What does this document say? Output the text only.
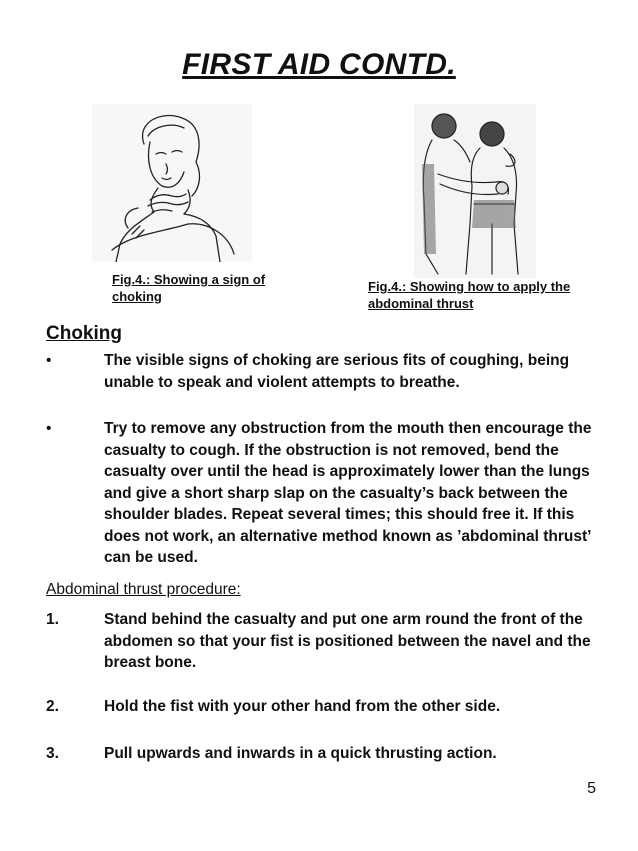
FIRST AID CONTD.
Fig.4.: Showing a sign of
choking
Fig.4.: Showing how to apply the
abdominal thrust
Choking
•	The visible signs of choking are serious fits of coughing, being unable to speak and violent attempts to breathe.
•	Try to remove any obstruction from the mouth then encourage the casualty to cough. If the obstruction is not removed, bend the casualty over until the head is approximately lower than the lungs and give a short sharp slap on the casualty’s back between the shoulder blades. Repeat several times; this should free it. If this does not work, an alternative method known as ’abdominal thrust’ can be used.
Abdominal thrust procedure:
1.	Stand behind the casualty and put one arm round the front of the abdomen so that your fist is positioned between the navel and the breast bone.
2.	Hold the fist with your other hand from the other side.
3.	Pull upwards and inwards in a quick thrusting action.
5
